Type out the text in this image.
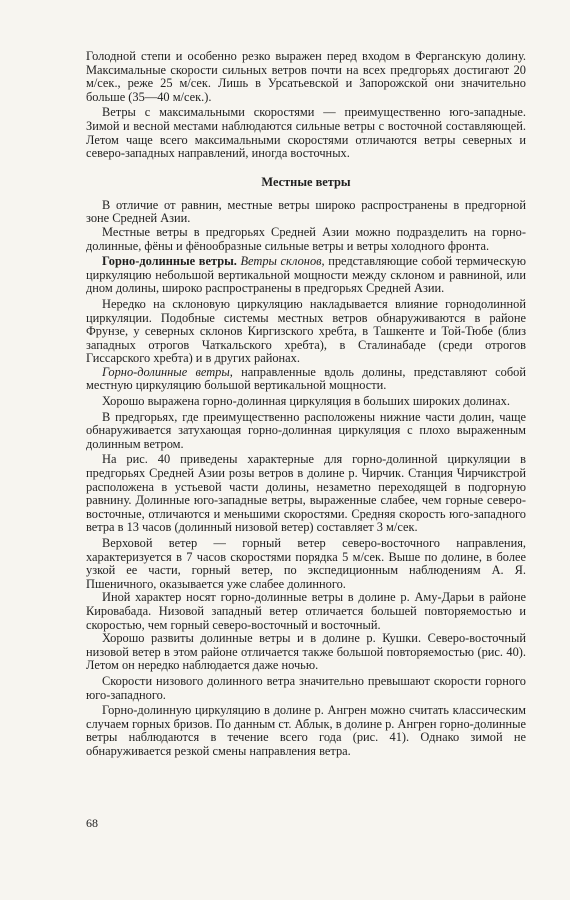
Голодной степи и особенно резко выражен перед входом в Ферганскую долину. Максимальные скорости сильных ветров почти на всех предгорьях достигают 20 м/сек., реже 25 м/сек. Лишь в Урсатьевской и Запорожской они значительно больше (35—40 м/сек.).

Ветры с максимальными скоростями — преимущественно юго-западные. Зимой и весной местами наблюдаются сильные ветры с восточной составляющей. Летом чаще всего максимальными скоростями отличаются ветры северных и северо-западных направлений, иногда восточных.

Местные ветры

В отличие от равнин, местные ветры широко распространены в предгорной зоне Средней Азии.

Местные ветры в предгорьях Средней Азии можно подразделить на горно-долинные, фёны и фёнообразные сильные ветры и ветры холодного фронта.

Горно-долинные ветры. Ветры склонов, представляющие собой термическую циркуляцию небольшой вертикальной мощности между склоном и равниной, или дном долины, широко распространены в предгорьях Средней Азии.

Нередко на склоновую циркуляцию накладывается влияние горнодолинной циркуляции. Подобные системы местных ветров обнаруживаются в районе Фрунзе, у северных склонов Киргизского хребта, в Ташкенте и Той-Тюбе (близ западных отрогов Чаткальского хребта), в Сталинабаде (среди отрогов Гиссарского хребта) и в других районах.

Горно-долинные ветры, направленные вдоль долины, представляют собой местную циркуляцию большой вертикальной мощности.

Хорошо выражена горно-долинная циркуляция в больших широких долинах.

В предгорьях, где преимущественно расположены нижние части долин, чаще обнаруживается затухающая горно-долинная циркуляция с плохо выраженным долинным ветром.

На рис. 40 приведены характерные для горно-долинной циркуляции в предгорьях Средней Азии розы ветров в долине р. Чирчик. Станция Чирчикстрой расположена в устьевой части долины, незаметно переходящей в подгорную равнину. Долинные юго-западные ветры, выраженные слабее, чем горные северо-восточные, отличаются и меньшими скоростями. Средняя скорость юго-западного ветра в 13 часов (долинный низовой ветер) составляет 3 м/сек.

Верховой ветер — горный ветер северо-восточного направления, характеризуется в 7 часов скоростями порядка 5 м/сек. Выше по долине, в более узкой ее части, горный ветер, по экспедиционным наблюдениям А. Я. Пшеничного, оказывается уже слабее долинного.

Иной характер носят горно-долинные ветры в долине р. Аму-Дарьи в районе Кировабада. Низовой западный ветер отличается большей повторяемостью и скоростью, чем горный северо-восточный и восточный.

Хорошо развиты долинные ветры и в долине р. Кушки. Северо-восточный низовой ветер в этом районе отличается также большой повторяемостью (рис. 40). Летом он нередко наблюдается даже ночью.

Скорости низового долинного ветра значительно превышают скорости горного юго-западного.

Горно-долинную циркуляцию в долине р. Ангрен можно считать классическим случаем горных бризов. По данным ст. Аблык, в долине р. Ангрен горно-долинные ветры наблюдаются в течение всего года (рис. 41). Однако зимой не обнаруживается резкой смены направления ветра.

68
